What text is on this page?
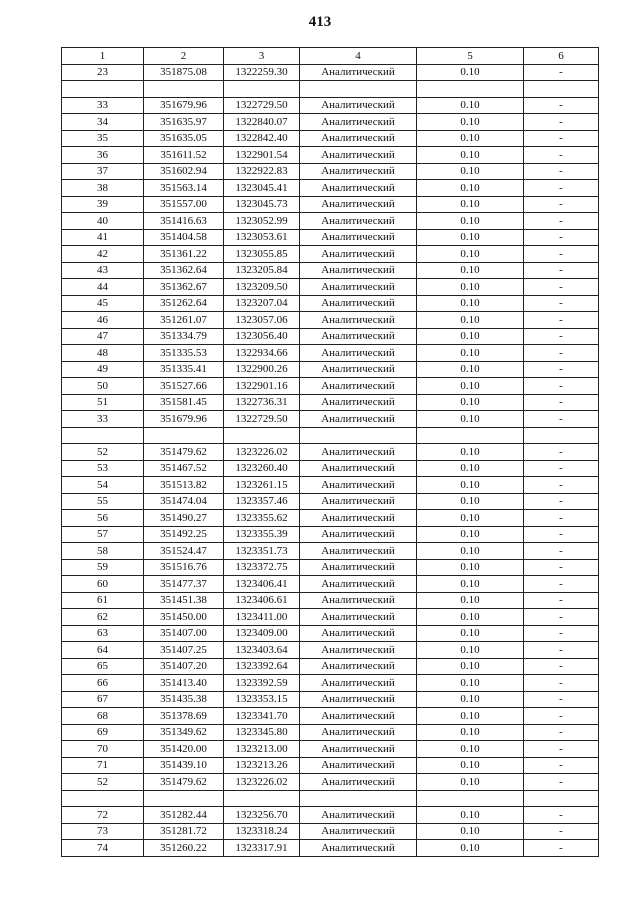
413
1	2	3	4	5	6
23	351875.08	1322259.30	Аналитический	0.10	-

33	351679.96	1322729.50	Аналитический	0.10	-
34	351635.97	1322840.07	Аналитический	0.10	-
35	351635.05	1322842.40	Аналитический	0.10	-
36	351611.52	1322901.54	Аналитический	0.10	-
37	351602.94	1322922.83	Аналитический	0.10	-
38	351563.14	1323045.41	Аналитический	0.10	-
39	351557.00	1323045.73	Аналитический	0.10	-
40	351416.63	1323052.99	Аналитический	0.10	-
41	351404.58	1323053.61	Аналитический	0.10	-
42	351361.22	1323055.85	Аналитический	0.10	-
43	351362.64	1323205.84	Аналитический	0.10	-
44	351362.67	1323209.50	Аналитический	0.10	-
45	351262.64	1323207.04	Аналитический	0.10	-
46	351261.07	1323057.06	Аналитический	0.10	-
47	351334.79	1323056.40	Аналитический	0.10	-
48	351335.53	1322934.66	Аналитический	0.10	-
49	351335.41	1322900.26	Аналитический	0.10	-
50	351527.66	1322901.16	Аналитический	0.10	-
51	351581.45	1322736.31	Аналитический	0.10	-
33	351679.96	1322729.50	Аналитический	0.10	-

52	351479.62	1323226.02	Аналитический	0.10	-
53	351467.52	1323260.40	Аналитический	0.10	-
54	351513.82	1323261.15	Аналитический	0.10	-
55	351474.04	1323357.46	Аналитический	0.10	-
56	351490.27	1323355.62	Аналитический	0.10	-
57	351492.25	1323355.39	Аналитический	0.10	-
58	351524.47	1323351.73	Аналитический	0.10	-
59	351516.76	1323372.75	Аналитический	0.10	-
60	351477.37	1323406.41	Аналитический	0.10	-
61	351451.38	1323406.61	Аналитический	0.10	-
62	351450.00	1323411.00	Аналитический	0.10	-
63	351407.00	1323409.00	Аналитический	0.10	-
64	351407.25	1323403.64	Аналитический	0.10	-
65	351407.20	1323392.64	Аналитический	0.10	-
66	351413.40	1323392.59	Аналитический	0.10	-
67	351435.38	1323353.15	Аналитический	0.10	-
68	351378.69	1323341.70	Аналитический	0.10	-
69	351349.62	1323345.80	Аналитический	0.10	-
70	351420.00	1323213.00	Аналитический	0.10	-
71	351439.10	1323213.26	Аналитический	0.10	-
52	351479.62	1323226.02	Аналитический	0.10	-

72	351282.44	1323256.70	Аналитический	0.10	-
73	351281.72	1323318.24	Аналитический	0.10	-
74	351260.22	1323317.91	Аналитический	0.10	-
